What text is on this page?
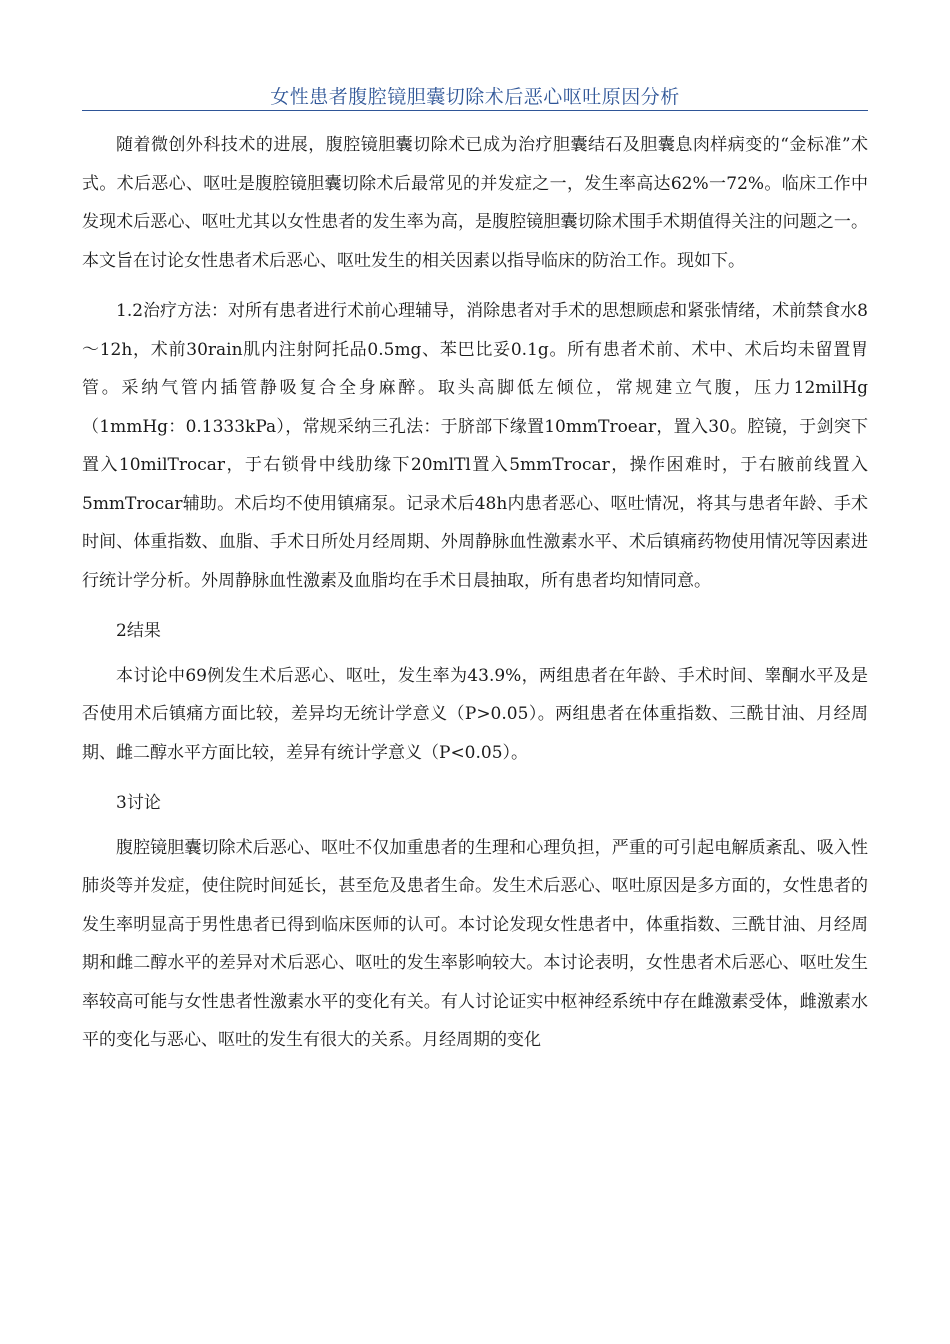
女性患者腹腔镜胆囊切除术后恶心呕吐原因分析

随着微创外科技术的进展，腹腔镜胆囊切除术已成为治疗胆囊结石及胆囊息肉样病变的“金标准”术式。术后恶心、呕吐是腹腔镜胆囊切除术后最常见的并发症之一，发生率高达62%一72%。临床工作中发现术后恶心、呕吐尤其以女性患者的发生率为高，是腹腔镜胆囊切除术围手术期值得关注的问题之一。本文旨在讨论女性患者术后恶心、呕吐发生的相关因素以指导临床的防治工作。现如下。

1.2治疗方法：对所有患者进行术前心理辅导，消除患者对手术的思想顾虑和紧张情绪，术前禁食水8～12h，术前30rain肌内注射阿托品0.5mg、苯巴比妥0.1g。所有患者术前、术中、术后均未留置胃管。采纳气管内插管静吸复合全身麻醉。取头高脚低左倾位，常规建立气腹，压力12milHg（1mmHg：0.1333kPa），常规采纳三孔法：于脐部下缘置10mmTroear，置入30。腔镜，于剑突下置入10milTrocar，于右锁骨中线肋缘下20mlTl置入5mmTrocar，操作困难时，于右腋前线置入5mmTrocar辅助。术后均不使用镇痛泵。记录术后48h内患者恶心、呕吐情况，将其与患者年龄、手术时间、体重指数、血脂、手术日所处月经周期、外周静脉血性激素水平、术后镇痛药物使用情况等因素进行统计学分析。外周静脉血性激素及血脂均在手术日晨抽取，所有患者均知情同意。

2结果

本讨论中69例发生术后恶心、呕吐，发生率为43.9%，两组患者在年龄、手术时间、睾酮水平及是否使用术后镇痛方面比较，差异均无统计学意义（P>0.05）。两组患者在体重指数、三酰甘油、月经周期、雌二醇水平方面比较，差异有统计学意义（P<0.05）。

3讨论

腹腔镜胆囊切除术后恶心、呕吐不仅加重患者的生理和心理负担，严重的可引起电解质紊乱、吸入性肺炎等并发症，使住院时间延长，甚至危及患者生命。发生术后恶心、呕吐原因是多方面的，女性患者的发生率明显高于男性患者已得到临床医师的认可。本讨论发现女性患者中，体重指数、三酰甘油、月经周期和雌二醇水平的差异对术后恶心、呕吐的发生率影响较大。本讨论表明，女性患者术后恶心、呕吐发生率较高可能与女性患者性激素水平的变化有关。有人讨论证实中枢神经系统中存在雌激素受体，雌激素水平的变化与恶心、呕吐的发生有很大的关系。月经周期的变化
